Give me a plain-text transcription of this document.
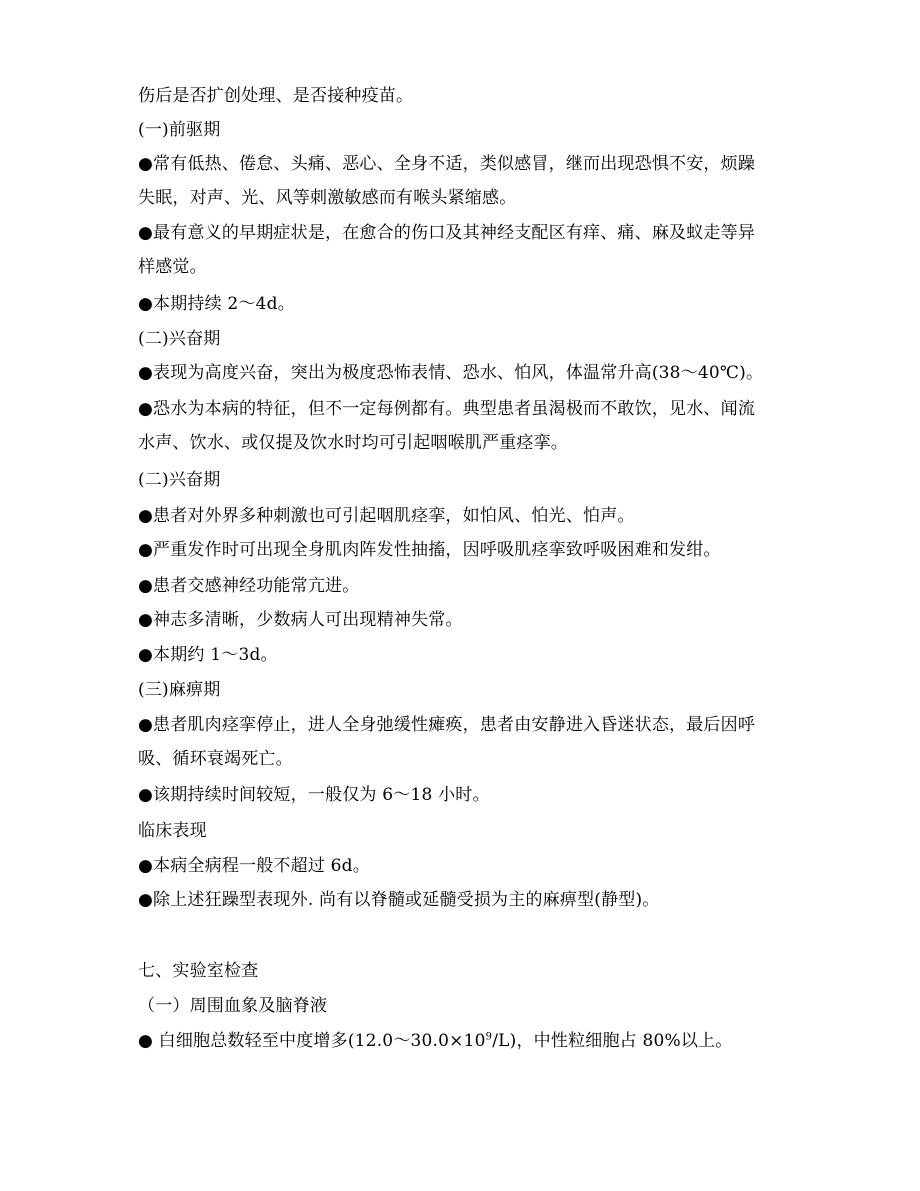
伤后是否扩创处理、是否接种疫苗。
(一)前驱期
●常有低热、倦怠、头痛、恶心、全身不适，类似感冒，继而出现恐惧不安，烦躁
失眠，对声、光、风等刺激敏感而有喉头紧缩感。
●最有意义的早期症状是，在愈合的伤口及其神经支配区有痒、痛、麻及蚁走等异
样感觉。
●本期持续 2～4d。
(二)兴奋期
●表现为高度兴奋，突出为极度恐怖表情、恐水、怕风，体温常升高(38～40℃)。
●恐水为本病的特征，但不一定每例都有。典型患者虽渴极而不敢饮，见水、闻流
水声、饮水、或仅提及饮水时均可引起咽喉肌严重痉挛。
(二)兴奋期
●患者对外界多种刺激也可引起咽肌痉挛，如怕风、怕光、怕声。
●严重发作时可出现全身肌肉阵发性抽搐，因呼吸肌痉挛致呼吸困难和发绀。
●患者交感神经功能常亢进。
●神志多清晰，少数病人可出现精神失常。
●本期约 1～3d。
(三)麻痹期
●患者肌肉痉挛停止，进人全身弛缓性瘫痪，患者由安静进入昏迷状态，最后因呼
吸、循环衰竭死亡。
●该期持续时间较短，一般仅为 6～18 小时。
临床表现
●本病全病程一般不超过 6d。
●除上述狂躁型表现外. 尚有以脊髓或延髓受损为主的麻痹型(静型)。
七、实验室检查
（一）周围血象及脑脊液
● 白细胞总数轻至中度增多$(12.0\sim 30.0\times 10^9/L)$，中性粒细胞占 80%以上。
